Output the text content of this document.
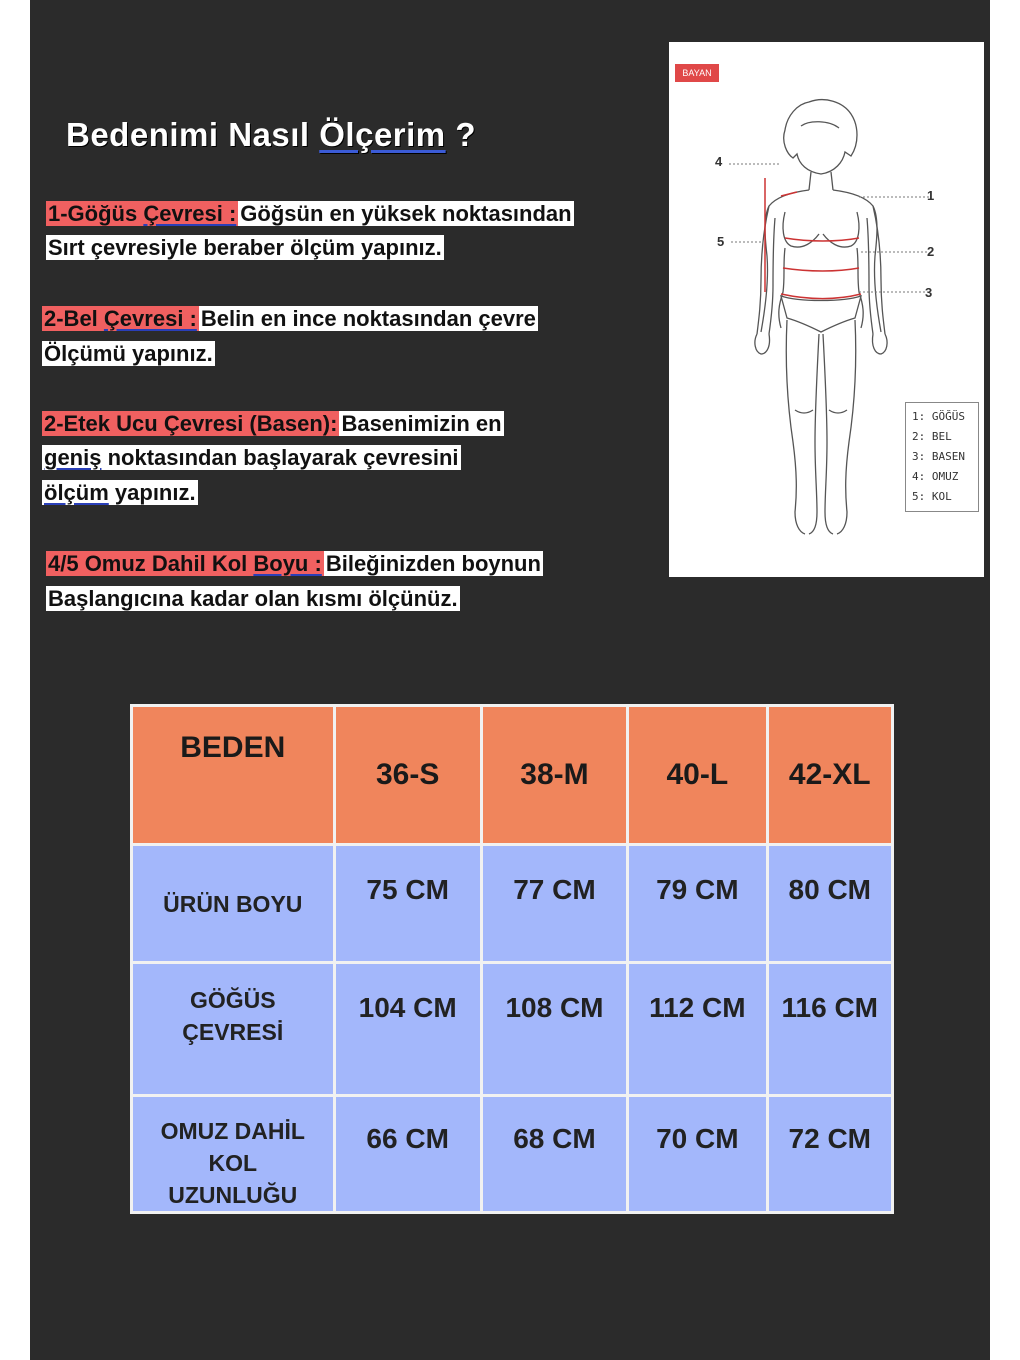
Bedenimi Nasıl Ölçerim ?
1-Göğüs Çevresi : Göğsün en yüksek noktasından
Sırt çevresiyle beraber ölçüm yapınız.
2-Bel Çevresi : Belin en ince noktasından çevre
Ölçümü yapınız.
2-Etek Ucu Çevresi (Basen): Basenimizin en
geniş noktasından başlayarak çevresini
ölçüm yapınız.
4/5 Omuz Dahil Kol Boyu : Bileğinizden boynun
Başlangıcına kadar olan kısmı ölçünüz.
BAYAN
1
2
3
4
5
1: GÖĞÜS
2: BEL
3: BASEN
4: OMUZ
5: KOL
BEDEN	36-S	38-M	40-L	42-XL
ÜRÜN BOYU	75 CM	77 CM	79 CM	80 CM

GÖĞÜS
ÇEVRESİ	104 CM	108 CM	112 CM	116 CM

OMUZ DAHİL
KOL
UZUNLUĞU	66 CM	68 CM	70 CM	72 CM
